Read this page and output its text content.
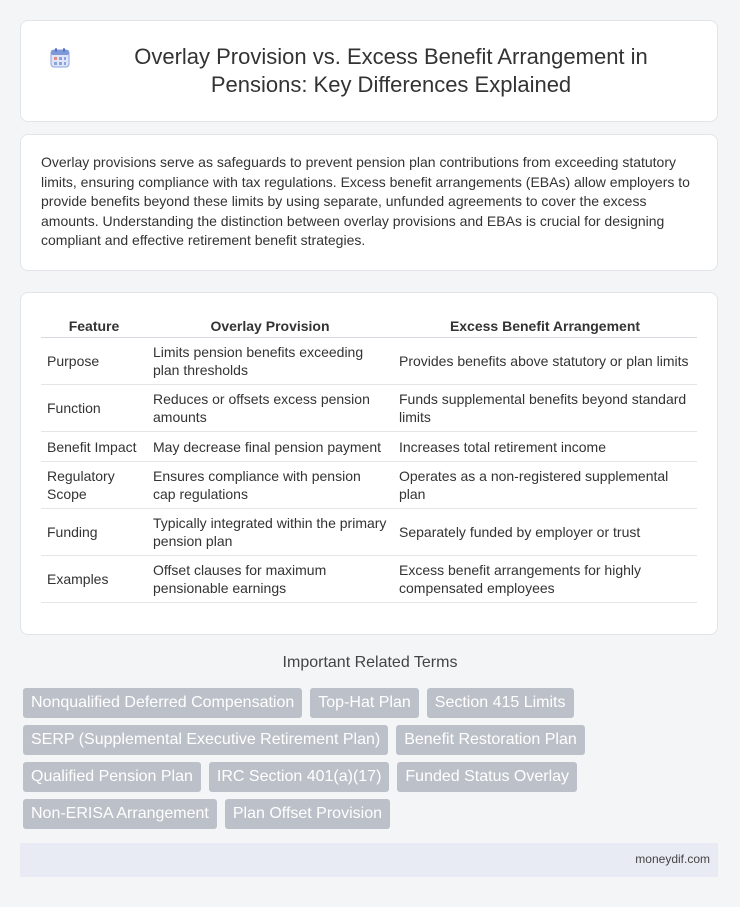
Overlay Provision vs. Excess Benefit Arrangement in Pensions: Key Differences Explained

Overlay provisions serve as safeguards to prevent pension plan contributions from exceeding statutory limits, ensuring compliance with tax regulations. Excess benefit arrangements (EBAs) allow employers to provide benefits beyond these limits by using separate, unfunded agreements to cover the excess amounts. Understanding the distinction between overlay provisions and EBAs is crucial for designing compliant and effective retirement benefit strategies.

Feature	Overlay Provision	Excess Benefit Arrangement
Purpose	Limits pension benefits exceeding plan thresholds	Provides benefits above statutory or plan limits
Function	Reduces or offsets excess pension amounts	Funds supplemental benefits beyond standard limits
Benefit Impact	May decrease final pension payment	Increases total retirement income
Regulatory Scope	Ensures compliance with pension cap regulations	Operates as a non-registered supplemental plan
Funding	Typically integrated within the primary pension plan	Separately funded by employer or trust
Examples	Offset clauses for maximum pensionable earnings	Excess benefit arrangements for highly compensated employees
Important Related Terms
Nonqualified Deferred Compensation	Top-Hat Plan	Section 415 Limits
SERP (Supplemental Executive Retirement Plan)	Benefit Restoration Plan
Qualified Pension Plan	IRC Section 401(a)(17)	Funded Status Overlay
Non-ERISA Arrangement	Plan Offset Provision
moneydif.com
